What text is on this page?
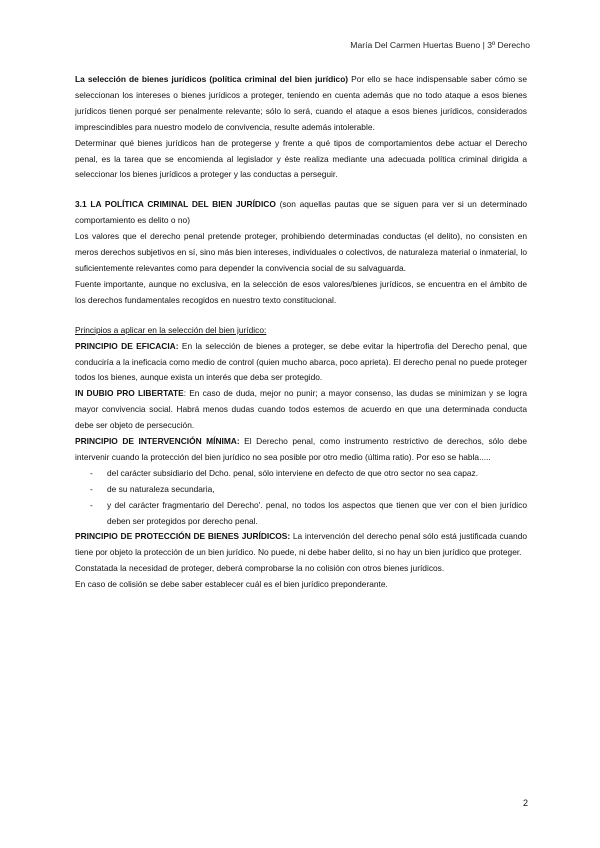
María Del Carmen Huertas Bueno | 3º Derecho

La selección de bienes jurídicos (política criminal del bien jurídico) Por ello se hace indispensable saber cómo se seleccionan los intereses o bienes jurídicos a proteger, teniendo en cuenta además que no todo ataque a esos bienes jurídicos tienen porqué ser penalmente relevante; sólo lo será, cuando el ataque a esos bienes jurídicos, considerados imprescindibles para nuestro modelo de convivencia, resulte además intolerable.

Determinar qué bienes jurídicos han de protegerse y frente a qué tipos de comportamientos debe actuar el Derecho penal, es la tarea que se encomienda al legislador y éste realiza mediante una adecuada política criminal dirigida a seleccionar los bienes jurídicos a proteger y las conductas a perseguir.

3.1 LA POLÍTICA CRIMINAL DEL BIEN JURÍDICO (son aquellas pautas que se siguen para ver si un determinado comportamiento es delito o no)

Los valores que el derecho penal pretende proteger, prohibiendo determinadas conductas (el delito), no consisten en meros derechos subjetivos en sí, sino más bien intereses, individuales o colectivos, de naturaleza material o inmaterial, lo suficientemente relevantes como para depender la convivencia social de su salvaguarda.

Fuente importante, aunque no exclusiva, en la selección de esos valores/bienes jurídicos, se encuentra en el ámbito de los derechos fundamentales recogidos en nuestro texto constitucional.

Principios a aplicar en la selección del bien jurídico:

PRINCIPIO DE EFICACIA: En la selección de bienes a proteger, se debe evitar la hipertrofia del Derecho penal, que conduciría a la ineficacia como medio de control (quien mucho abarca, poco aprieta). El derecho penal no puede proteger todos los bienes, aunque exista un interés que deba ser protegido.

IN DUBIO PRO LIBERTATE: En caso de duda, mejor no punir; a mayor consenso, las dudas se minimizan y se logra mayor convivencia social. Habrá menos dudas cuando todos estemos de acuerdo en que una determinada conducta debe ser objeto de persecución.

PRINCIPIO DE INTERVENCIÓN MÍNIMA: El Derecho penal, como instrumento restrictivo de derechos, sólo debe intervenir cuando la protección del bien jurídico no sea posible por otro medio (última ratio). Por eso se habla.....

- del carácter subsidiario del Dcho. penal, sólo interviene en defecto de que otro sector no sea capaz.
- de su naturaleza secundaria,
- y del carácter fragmentario del Derecho'. penal, no todos los aspectos que tienen que ver con el bien jurídico deben ser protegidos por derecho penal.

PRINCIPIO DE PROTECCIÓN DE BIENES JURÍDICOS: La intervención del derecho penal sólo está justificada cuando tiene por objeto la protección de un bien jurídico. No puede, ni debe haber delito, si no hay un bien jurídico que proteger.

Constatada la necesidad de proteger, deberá comprobarse la no colisión con otros bienes jurídicos.

En caso de colisión se debe saber establecer cuál es el bien jurídico preponderante.

2
